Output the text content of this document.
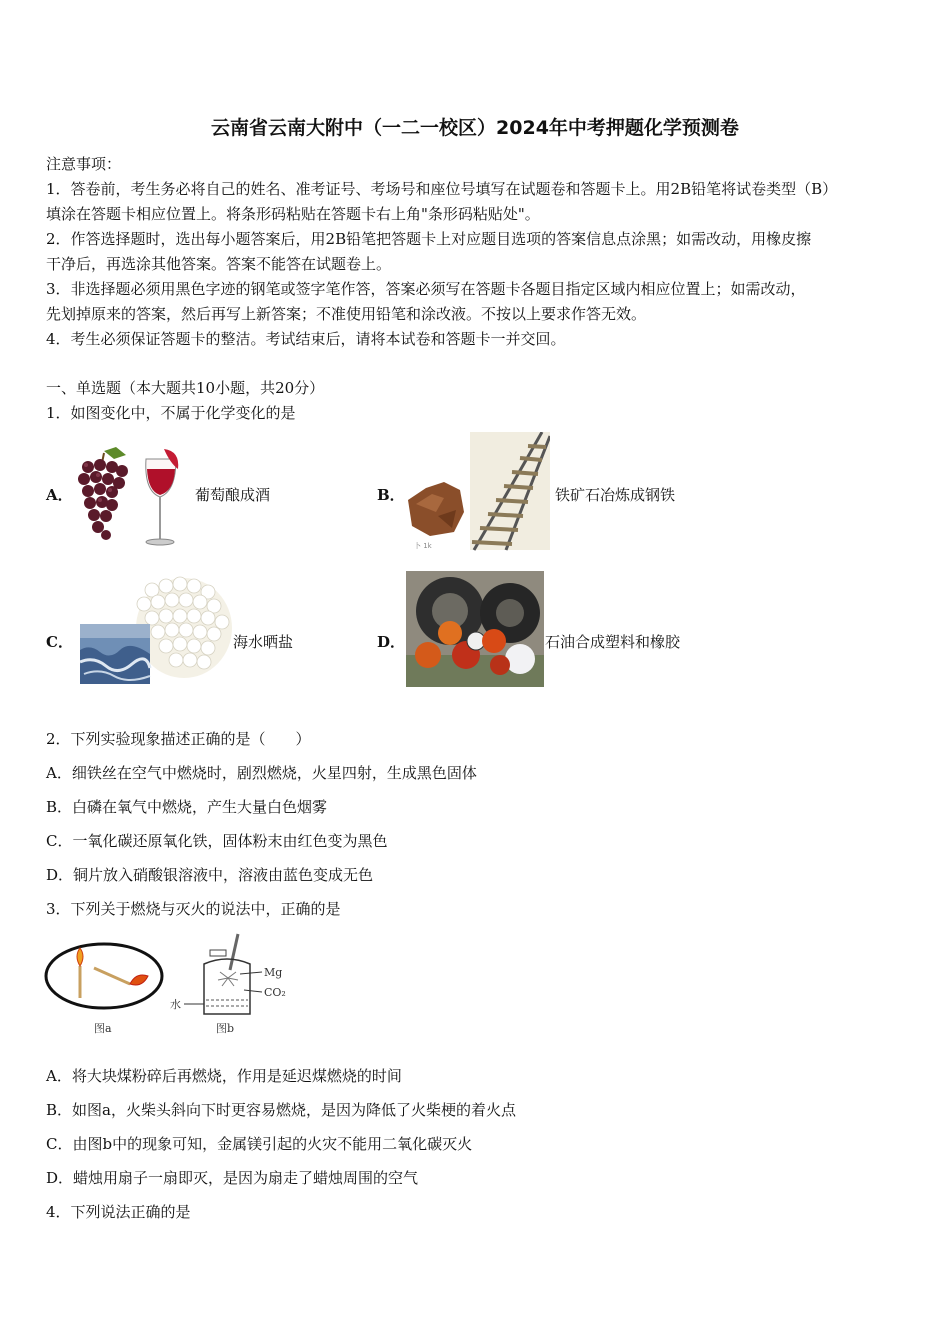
云南省云南大附中（一二一校区）2024年中考押题化学预测卷
注意事项：
1．答卷前，考生务必将自己的姓名、准考证号、考场号和座位号填写在试题卷和答题卡上。用2B铅笔将试卷类型（B）
填涂在答题卡相应位置上。将条形码粘贴在答题卡右上角"条形码粘贴处"。
2．作答选择题时，选出每小题答案后，用2B铅笔把答题卡上对应题目选项的答案信息点涂黑；如需改动，用橡皮擦
干净后，再选涂其他答案。答案不能答在试题卷上。
3．非选择题必须用黑色字迹的钢笔或签字笔作答，答案必须写在答题卡各题目指定区域内相应位置上；如需改动，
先划掉原来的答案，然后再写上新答案；不准使用铅笔和涂改液。不按以上要求作答无效。
4．考生必须保证答题卡的整洁。考试结束后，请将本试卷和答题卡一并交回。
一、单选题（本大题共10小题，共20分）
1．如图变化中，不属于化学变化的是
A．	葡萄酿成酒	B．
卜 1k
铁矿石冶炼成钢铁
C．	海水晒盐	D．	石油合成塑料和橡胶
2．下列实验现象描述正确的是（　　）
A．细铁丝在空气中燃烧时，剧烈燃烧，火星四射，生成黑色固体
B．白磷在氧气中燃烧，产生大量白色烟雾
C．一氧化碳还原氧化铁，固体粉末由红色变为黑色
D．铜片放入硝酸银溶液中，溶液由蓝色变成无色
3．下列关于燃烧与灭火的说法中，正确的是
图a
Mg
CO₂
水
图b
A．将大块煤粉碎后再燃烧，作用是延迟煤燃烧的时间
B．如图a，火柴头斜向下时更容易燃烧，是因为降低了火柴梗的着火点
C．由图b中的现象可知，金属镁引起的火灾不能用二氧化碳灭火
D．蜡烛用扇子一扇即灭，是因为扇走了蜡烛周围的空气
4．下列说法正确的是
